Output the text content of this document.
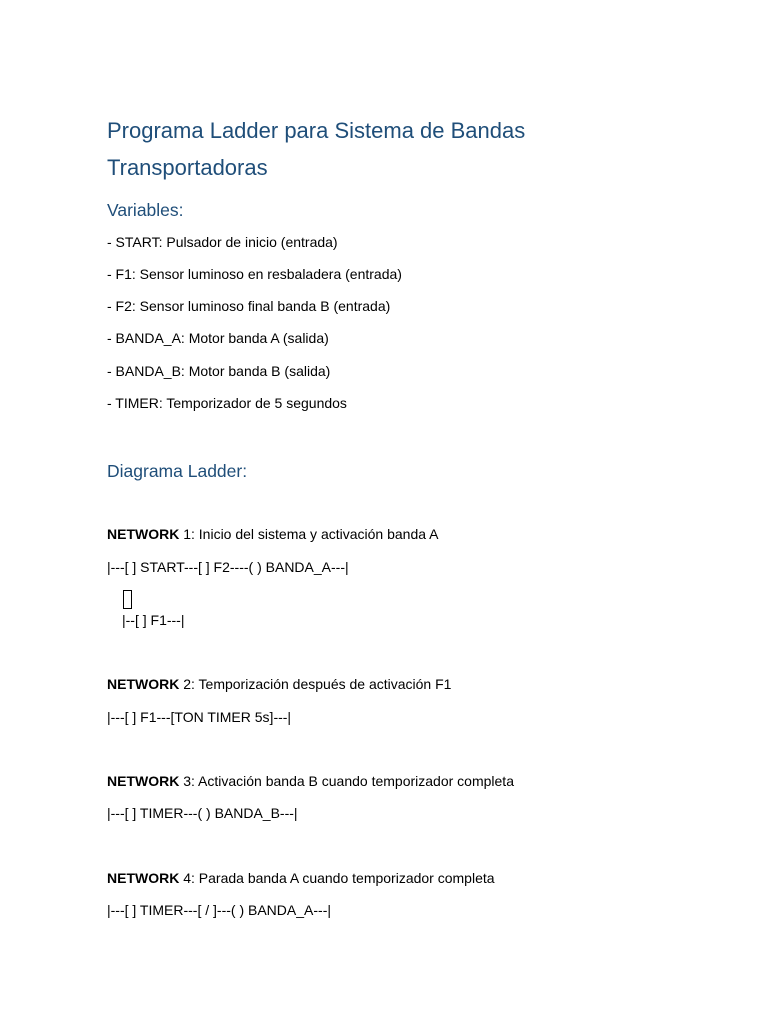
Programa Ladder para Sistema de Bandas Transportadoras
Variables:
- START: Pulsador de inicio (entrada)
- F1: Sensor luminoso en resbaladera (entrada)
- F2: Sensor luminoso final banda B (entrada)
- BANDA_A: Motor banda A (salida)
- BANDA_B: Motor banda B (salida)
- TIMER: Temporizador de 5 segundos
Diagrama Ladder:
NETWORK 1: Inicio del sistema y activación banda A
|---[ ] START---[ ] F2----( ) BANDA_A---|
|--[ ] F1---|
NETWORK 2: Temporización después de activación F1
|---[ ] F1---[TON TIMER 5s]---|
NETWORK 3: Activación banda B cuando temporizador completa
|---[ ] TIMER---( ) BANDA_B---|
NETWORK 4: Parada banda A cuando temporizador completa
|---[ ] TIMER---[ / ]---( ) BANDA_A---|
